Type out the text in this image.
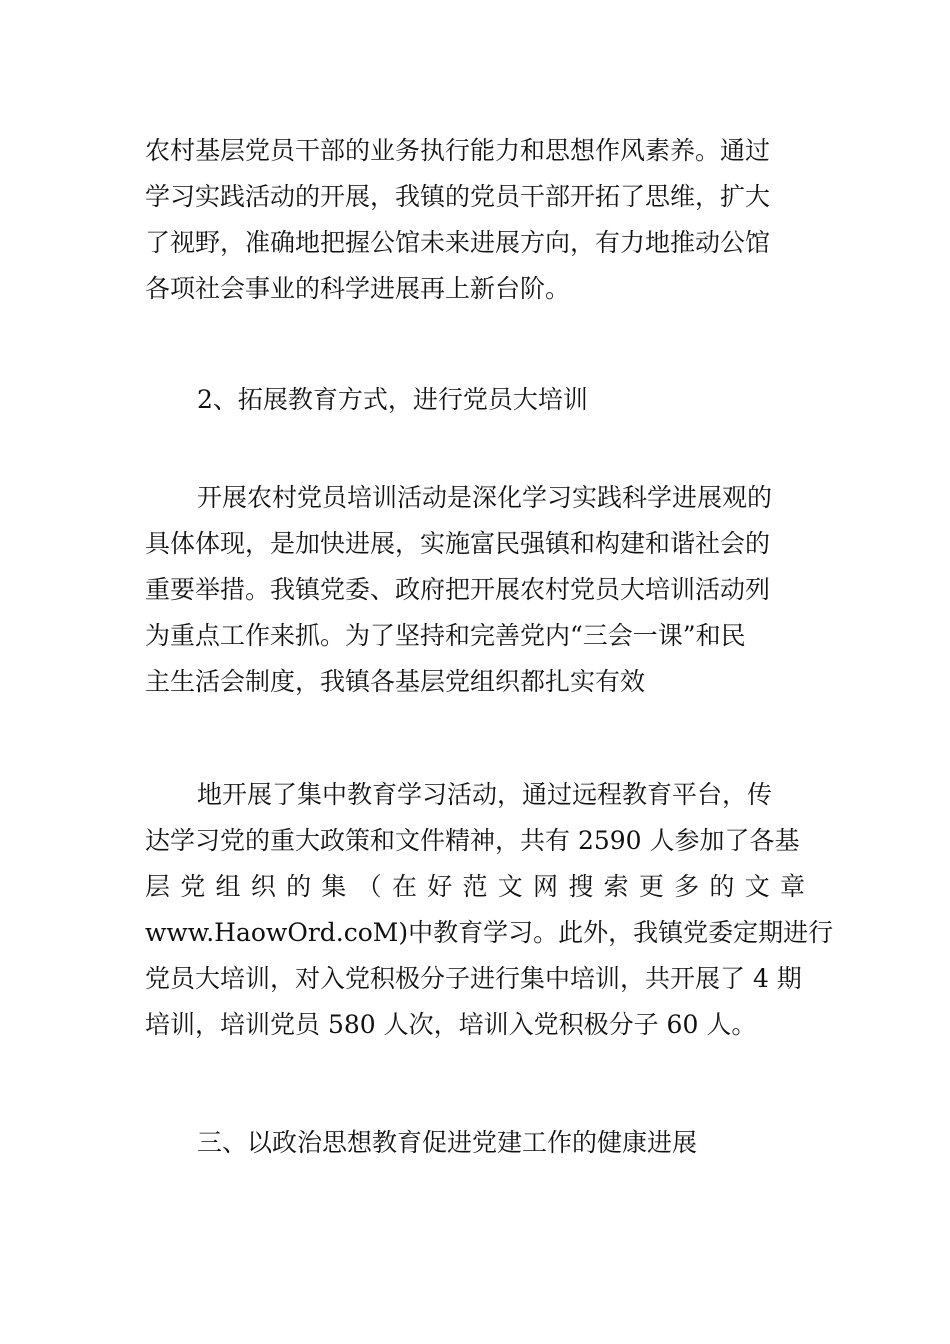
农村基层党员干部的业务执行能力和思想作风素养。通过
学习实践活动的开展，我镇的党员干部开拓了思维，扩大
了视野，准确地把握公馆未来进展方向，有力地推动公馆
各项社会事业的科学进展再上新台阶。
2、拓展教育方式，进行党员大培训
开展农村党员培训活动是深化学习实践科学进展观的
具体体现，是加快进展，实施富民强镇和构建和谐社会的
重要举措。我镇党委、政府把开展农村党员大培训活动列
为重点工作来抓。为了坚持和完善党内“三会一课”和民
主生活会制度，我镇各基层党组织都扎实有效
地开展了集中教育学习活动，通过远程教育平台，传
达学习党的重大政策和文件精神，共有 2590 人参加了各基
层党组织的集（在好范文网搜索更多的文章
www.HaowOrd.coM)中教育学习。此外，我镇党委定期进行
党员大培训，对入党积极分子进行集中培训，共开展了 4 期
培训，培训党员 580 人次，培训入党积极分子 60 人。
三、以政治思想教育促进党建工作的健康进展
